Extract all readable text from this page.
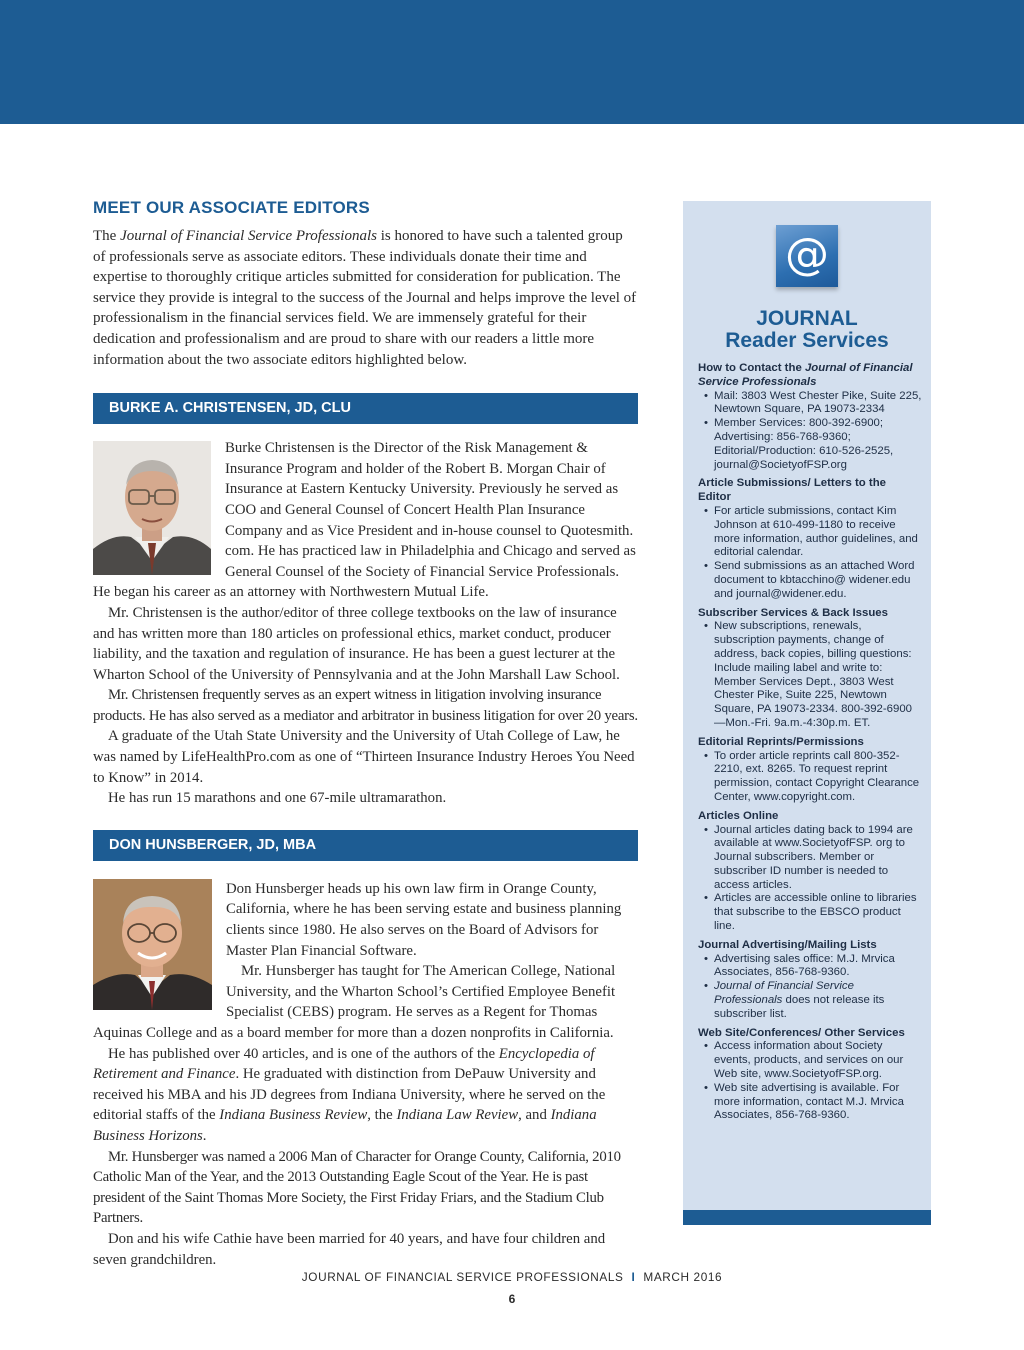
MEET OUR ASSOCIATE EDITORS

The Journal of Financial Service Professionals is honored to have such a talented group of professionals serve as associate editors. These individuals donate their time and expertise to thoroughly critique articles submitted for consideration for publication. The service they provide is integral to the success of the Journal and helps improve the level of professionalism in the financial services field. We are immensely grateful for their dedication and professionalism and are proud to share with our readers a little more information about the two associate editors highlighted below.

BURKE A. CHRISTENSEN, JD, CLU

Burke Christensen is the Director of the Risk Management & Insurance Program and holder of the Robert B. Morgan Chair of Insurance at Eastern Kentucky University. Previously he served as COO and General Counsel of Concert Health Plan Insurance Company and as Vice President and in-house counsel to Quotesmith. com. He has practiced law in Philadelphia and Chicago and served as General Counsel of the Society of Financial Service Professionals. He began his career as an attorney with Northwestern Mutual Life.

Mr. Christensen is the author/editor of three college textbooks on the law of insurance and has written more than 180 articles on professional ethics, market conduct, producer liability, and the taxation and regulation of insurance. He has been a guest lecturer at the Wharton School of the University of Pennsylvania and at the John Marshall Law School.

Mr. Christensen frequently serves as an expert witness in litigation involving insurance products. He has also served as a mediator and arbitrator in business litigation for over 20 years.

A graduate of the Utah State University and the University of Utah College of Law, he was named by LifeHealthPro.com as one of “Thirteen Insurance Industry Heroes You Need to Know” in 2014.

He has run 15 marathons and one 67-mile ultramarathon.

DON HUNSBERGER, JD, MBA

Don Hunsberger heads up his own law firm in Orange County, California, where he has been serving estate and business planning clients since 1980. He also serves on the Board of Advisors for Master Plan Financial Software.

Mr. Hunsberger has taught for The American College, National University, and the Wharton School’s Certified Employee Benefit Specialist (CEBS) program. He serves as a Regent for Thomas Aquinas College and as a board member for more than a dozen nonprofits in California.

He has published over 40 articles, and is one of the authors of the Encyclopedia of Retirement and Finance. He graduated with distinction from DePauw University and received his MBA and his JD degrees from Indiana University, where he served on the editorial staffs of the Indiana Business Review, the Indiana Law Review, and Indiana Business Horizons.

Mr. Hunsberger was named a 2006 Man of Character for Orange County, California, 2010 Catholic Man of the Year, and the 2013 Outstanding Eagle Scout of the Year. He is past president of the Saint Thomas More Society, the First Friday Friars, and the Stadium Club Partners.

Don and his wife Cathie have been married for 40 years, and have four children and seven grandchildren.

@
JOURNAL
Reader Services
How to Contact the Journal of Financial Service Professionals
• Mail: 3803 West Chester Pike, Suite 225, Newtown Square, PA 19073-2334
• Member Services: 800-392-6900; Advertising: 856-768-9360; Editorial/Production: 610-526-2525, journal@SocietyofFSP.org
Article Submissions/ Letters to the Editor
• For article submissions, contact Kim Johnson at 610-499-1180 to receive more information, author guidelines, and editorial calendar.
• Send submissions as an attached Word document to kbtacchino@ widener.edu and journal@widener.edu.
Subscriber Services & Back Issues
• New subscriptions, renewals, subscription payments, change of address, back copies, billing questions: Include mailing label and write to: Member Services Dept., 3803 West Chester Pike, Suite 225, Newtown Square, PA 19073-2334. 800-392-6900—Mon.-Fri. 9a.m.-4:30p.m. ET.
Editorial Reprints/Permissions
• To order article reprints call 800-352-2210, ext. 8265. To request reprint permission, contact Copyright Clearance Center, www.copyright.com.
Articles Online
• Journal articles dating back to 1994 are available at www.SocietyofFSP. org to Journal subscribers. Member or subscriber ID number is needed to access articles.
• Articles are accessible online to libraries that subscribe to the EBSCO product line.
Journal Advertising/Mailing Lists
• Advertising sales office: M.J. Mrvica Associates, 856-768-9360.
• Journal of Financial Service Professionals does not release its subscriber list.
Web Site/Conferences/ Other Services
• Access information about Society events, products, and services on our Web site, www.SocietyofFSP.org.
• Web site advertising is available. For more information, contact M.J. Mrvica Associates, 856-768-9360.
JOURNAL OF FINANCIAL SERVICE PROFESSIONALS I MARCH 2016
6
